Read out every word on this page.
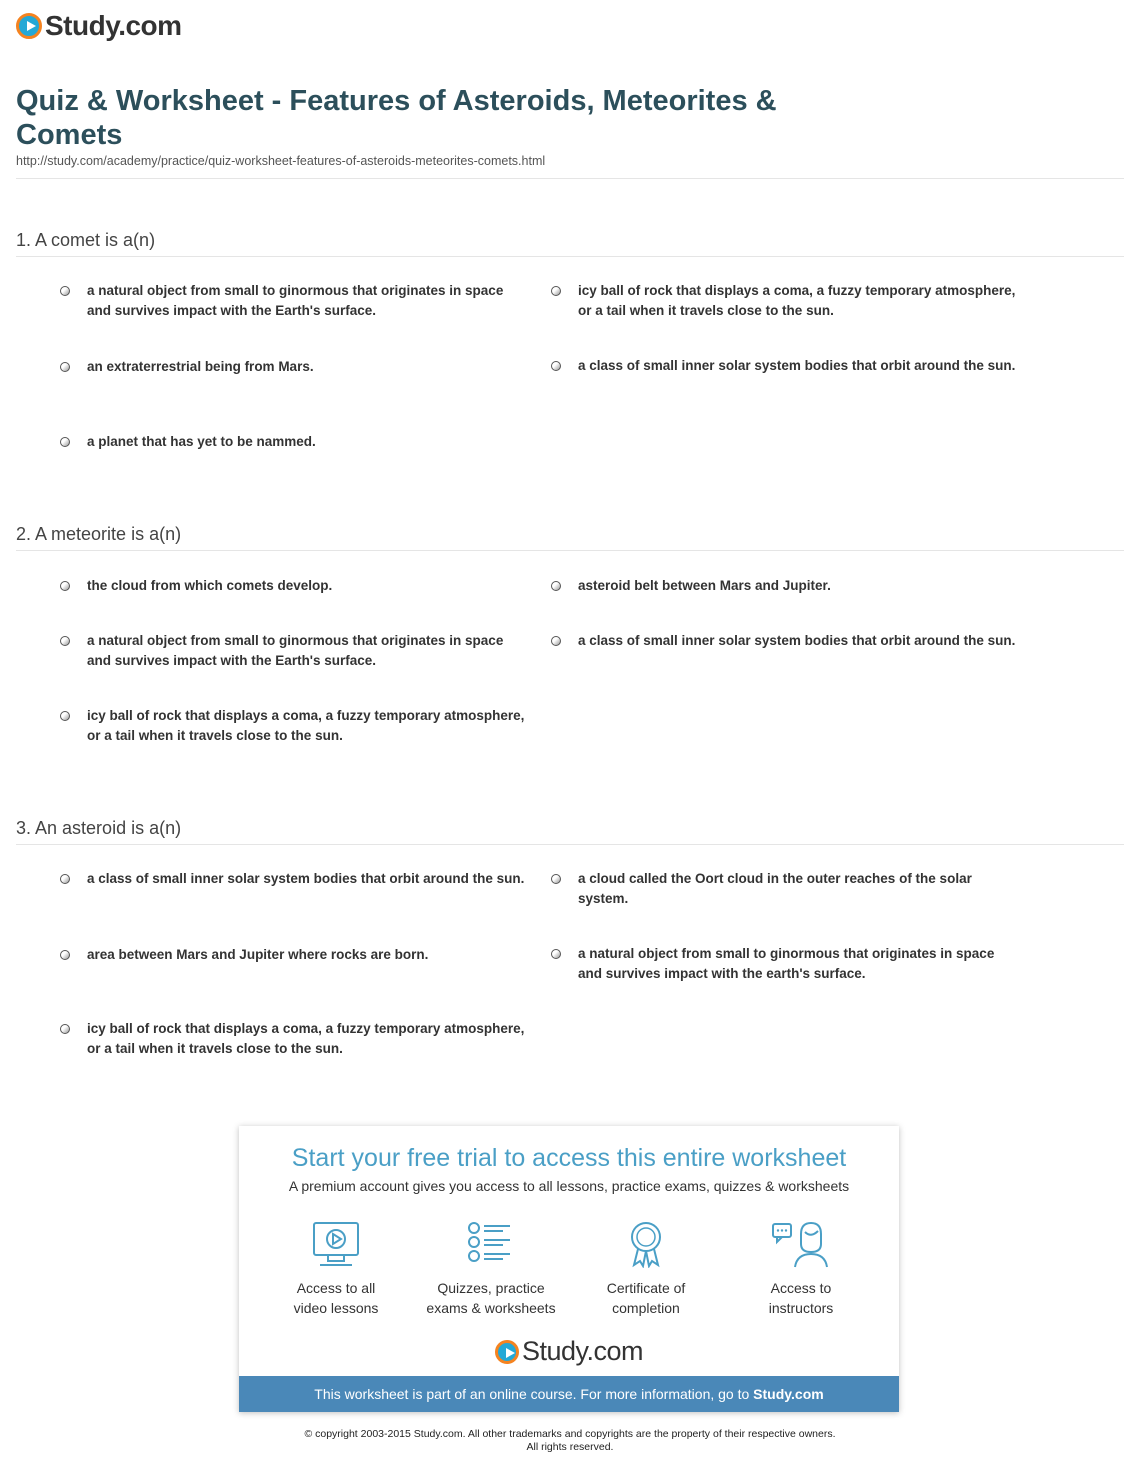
Study.com
Quiz & Worksheet - Features of Asteroids, Meteorites & Comets
http://study.com/academy/practice/quiz-worksheet-features-of-asteroids-meteorites-comets.html
1. A comet is a(n)
a natural object from small to ginormous that originates in space and survives impact with the Earth's surface.
icy ball of rock that displays a coma, a fuzzy temporary atmosphere, or a tail when it travels close to the sun.
an extraterrestrial being from Mars.	a class of small inner solar system bodies that orbit around the sun.
a planet that has yet to be nammed.
2. A meteorite is a(n)
the cloud from which comets develop.	asteroid belt between Mars and Jupiter.
a natural object from small to ginormous that originates in space and survives impact with the Earth's surface.
a class of small inner solar system bodies that orbit around the sun.
icy ball of rock that displays a coma, a fuzzy temporary atmosphere, or a tail when it travels close to the sun.
3. An asteroid is a(n)
a class of small inner solar system bodies that orbit around the sun.	a cloud called the Oort cloud in the outer reaches of the solar system.
area between Mars and Jupiter where rocks are born.	a natural object from small to ginormous that originates in space and survives impact with the earth's surface.
icy ball of rock that displays a coma, a fuzzy temporary atmosphere, or a tail when it travels close to the sun.
Start your free trial to access this entire worksheet
A premium account gives you access to all lessons, practice exams, quizzes & worksheets
Access to all
video lessons
Quizzes, practice
exams & worksheets
Certificate of
completion
Access to
instructors
Study.com
This worksheet is part of an online course. For more information, go to Study.com
© copyright 2003-2015 Study.com. All other trademarks and copyrights are the property of their respective owners.
All rights reserved.
